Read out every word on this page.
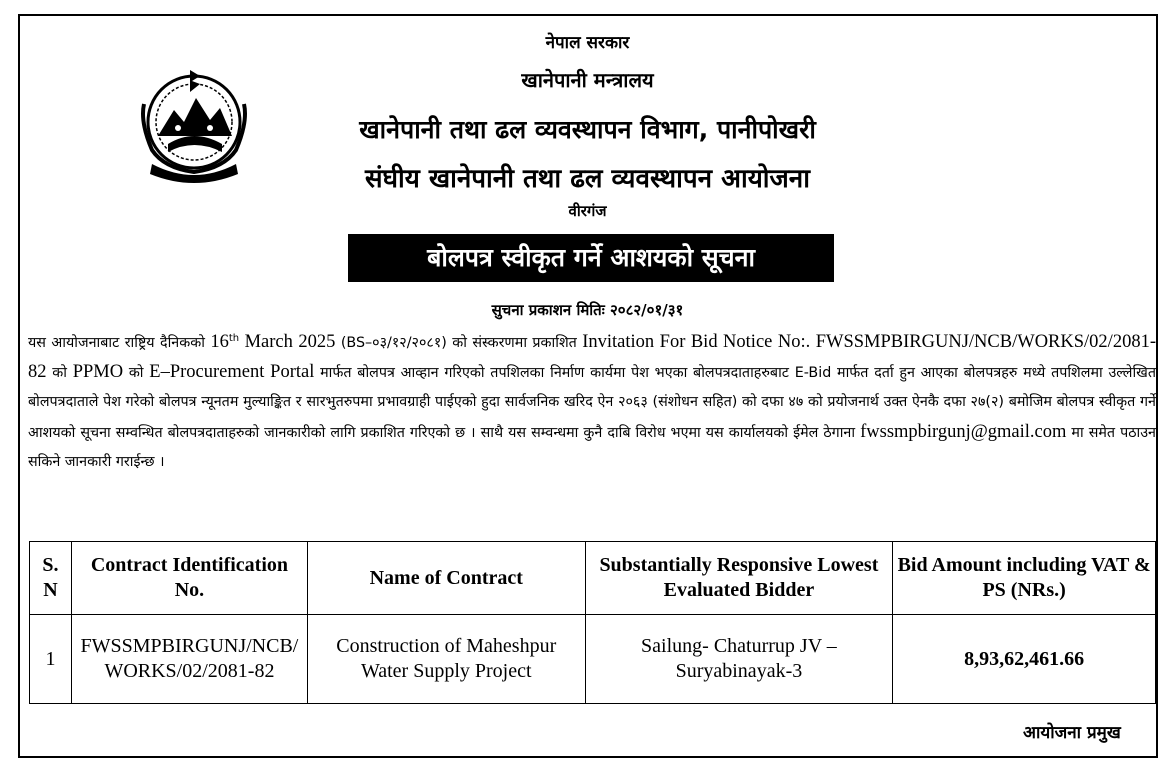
नेपाल सरकार
खानेपानी मन्त्रालय
खानेपानी तथा ढल व्यवस्थापन विभाग, पानीपोखरी
संघीय खानेपानी तथा ढल व्यवस्थापन आयोजना
वीरगंज
बोलपत्र स्वीकृत गर्ने आशयको सूचना
सुचना प्रकाशन मितिः २०८२/०१/३१
यस आयोजनाबाट राष्ट्रिय दैनिकको 16th March 2025 (BS–०३/१२/२०८१) को संस्करणमा प्रकाशित Invitation For Bid Notice No:. FWSSMPBIRGUNJ/NCB/WORKS/02/2081-82 को PPMO को E–Procurement Portal मार्फत बोलपत्र आव्हान गरिएको तपशिलका निर्माण कार्यमा पेश भएका बोलपत्रदाताहरुबाट E-Bid मार्फत दर्ता हुन आएका बोलपत्रहरु मध्ये तपशिलमा उल्लेखित बोलपत्रदाताले पेश गरेको बोलपत्र न्यूनतम मुल्याङ्कित र सारभुतरुपमा प्रभावग्राही पाईएको हुदा सार्वजनिक खरिद ऐन २०६३ (संशोधन सहित) को दफा ४७ को प्रयोजनार्थ उक्त ऐनकै दफा २७(२) बमोजिम बोलपत्र स्वीकृत गर्ने आशयको सूचना सम्वन्धित बोलपत्रदाताहरुको जानकारीको लागि प्रकाशित गरिएको छ । साथै यस सम्वन्धमा कुनै दाबि विरोध भएमा यस कार्यालयको ईमेल ठेगाना fwssmpbirgunj@gmail.com मा समेत पठाउन सकिने जानकारी गराईन्छ ।
S. N	Contract Identification No.	Name of Contract	Substantially Responsive Lowest Evaluated Bidder	Bid Amount including VAT & PS (NRs.)
1	FWSSMPBIRGUNJ/NCB/ WORKS/02/2081-82	Construction of Maheshpur Water Supply Project	Sailung- Chaturrup JV – Suryabinayak-3	8,93,62,461.66
आयोजना प्रमुख
